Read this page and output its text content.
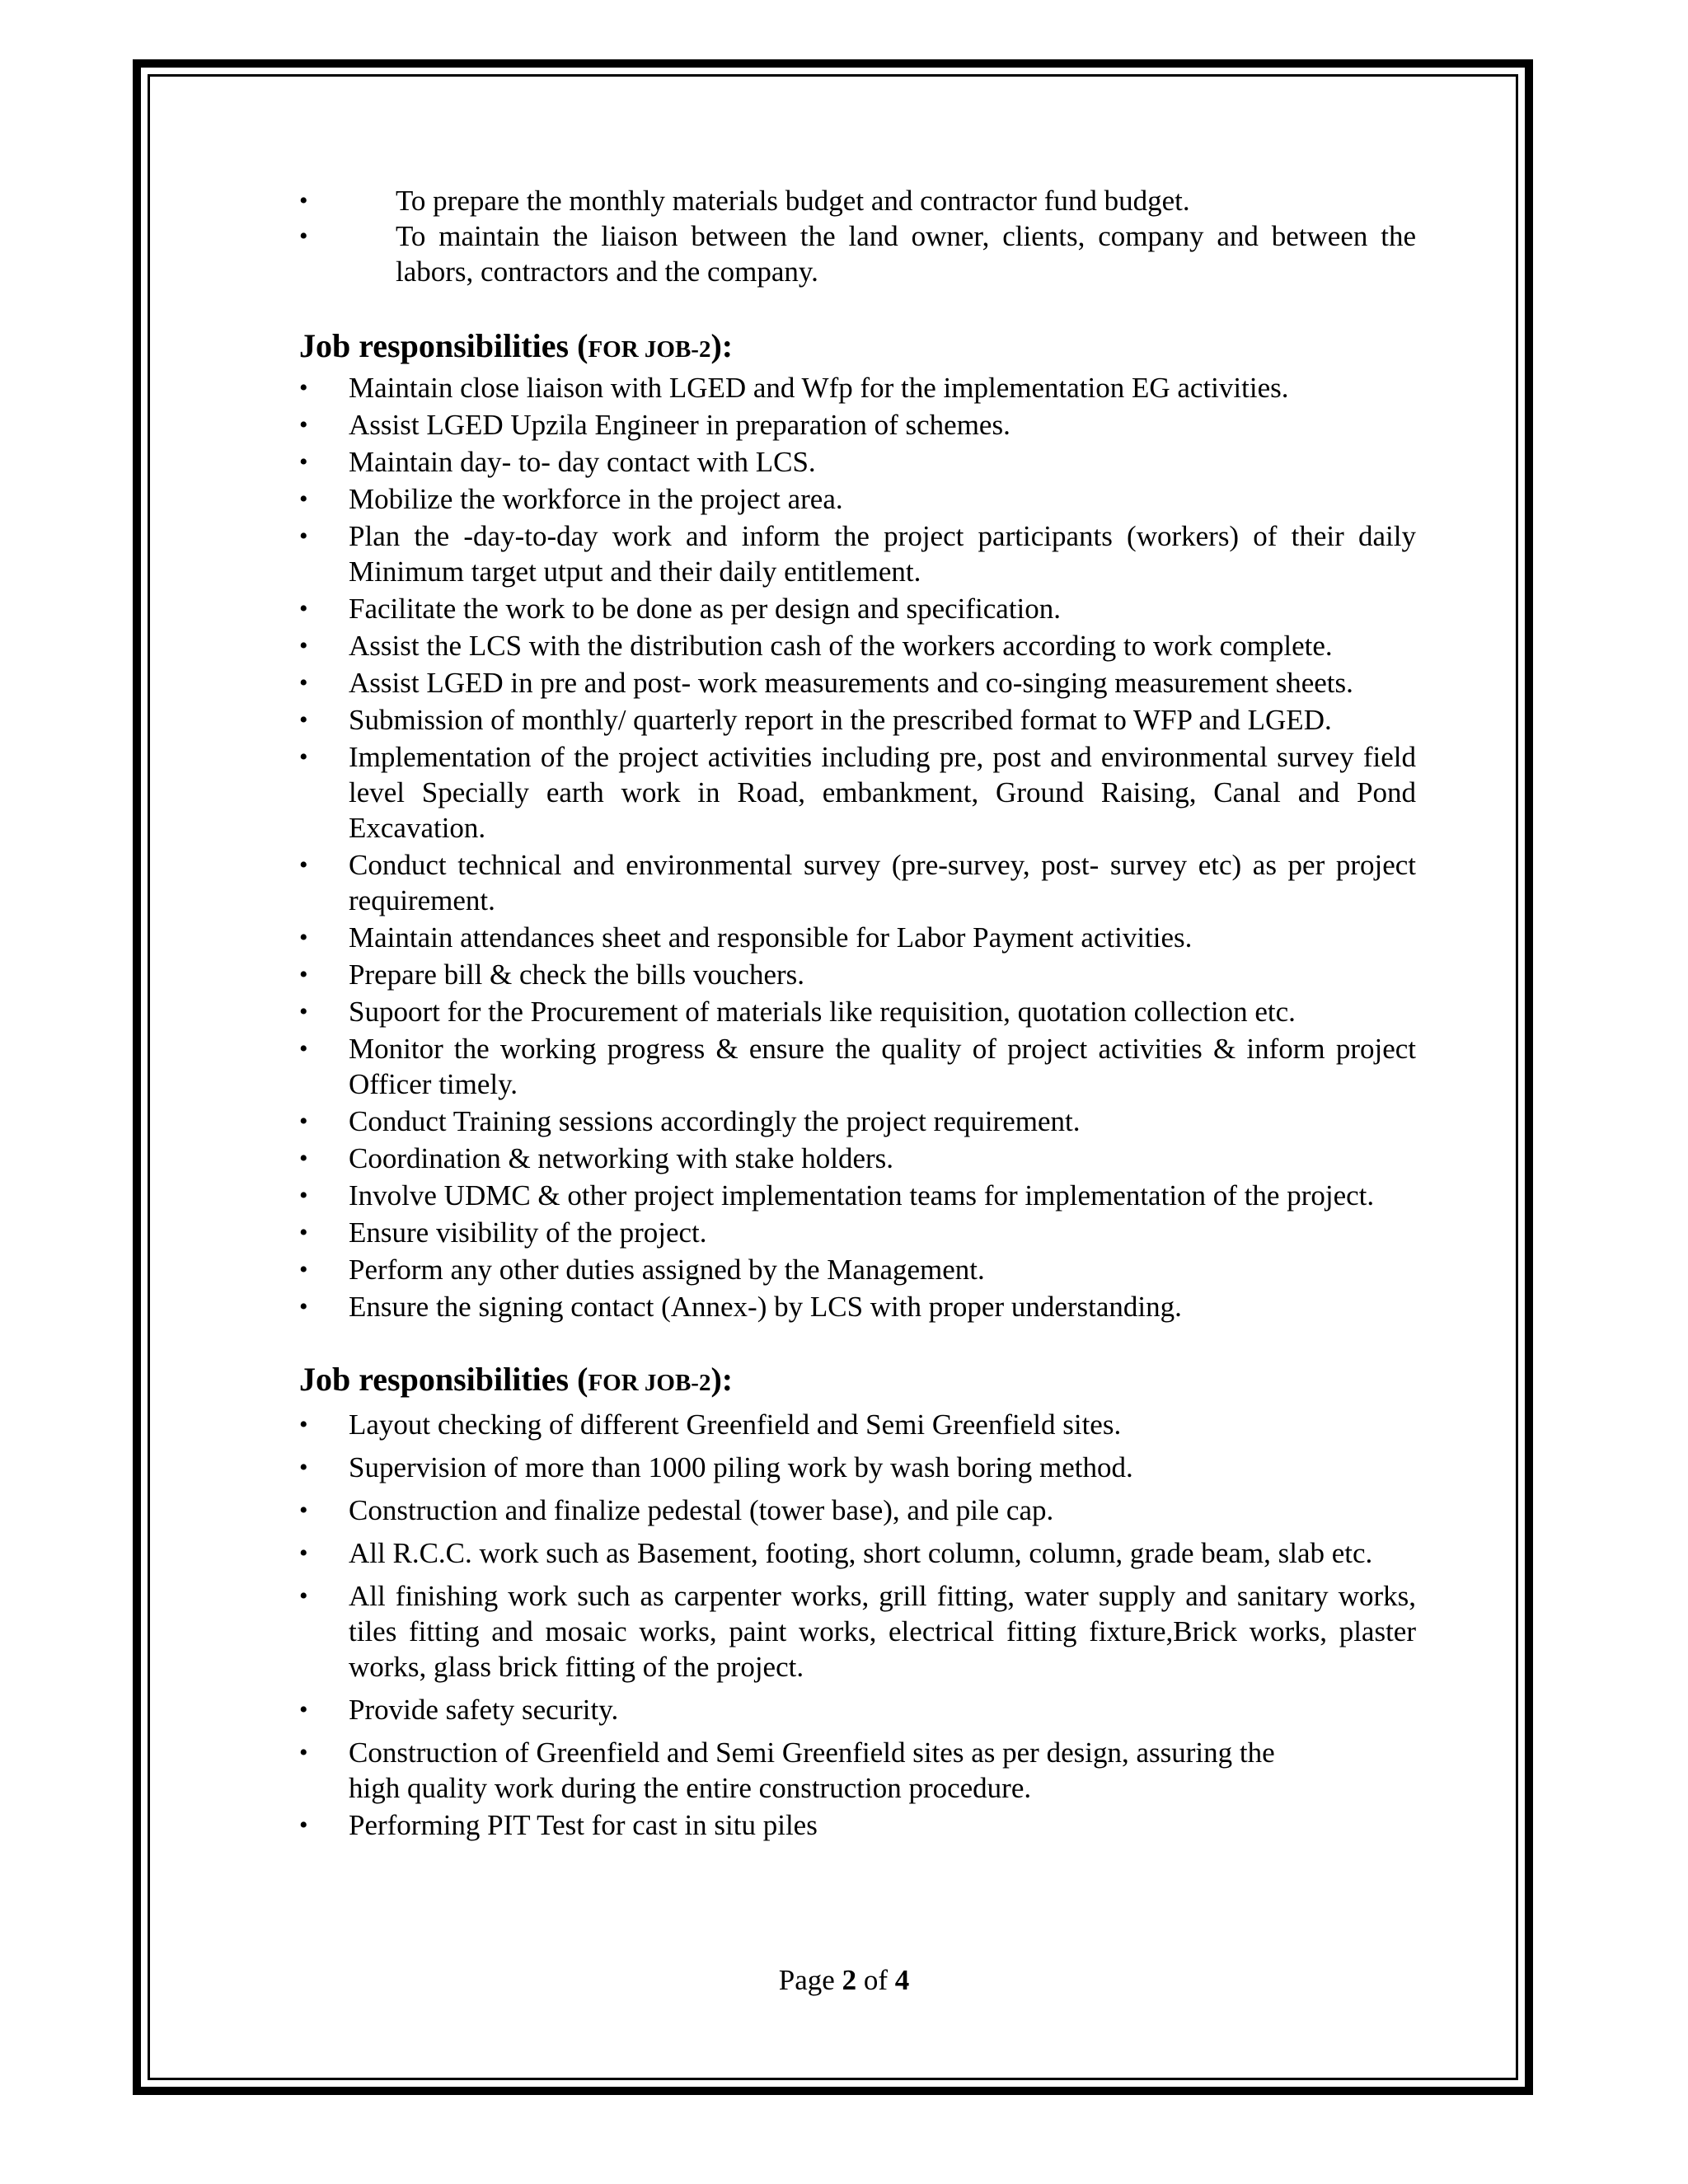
•	To prepare the monthly materials budget and contractor fund budget.
•	To maintain the liaison between the land owner, clients, company and between the labors, contractors and the company.
Job responsibilities (FOR JOB-2):
•	Maintain close liaison with LGED and Wfp for the implementation EG activities.
•	Assist LGED Upzila Engineer in preparation of schemes.
•	Maintain day- to- day contact with LCS.
•	Mobilize the workforce in the project area.
•	Plan the -day-to-day work and inform the project participants (workers) of their daily Minimum target utput and their daily entitlement.
•	Facilitate the work to be done as per design and specification.
•	Assist the LCS with the distribution cash of the workers according to work complete.
•	Assist LGED in pre and post- work measurements and co-singing measurement sheets.
•	Submission of monthly/ quarterly report in the prescribed format to WFP and LGED.
•	Implementation of the project activities including pre, post and environmental survey field level Specially earth work in Road, embankment, Ground Raising, Canal and Pond Excavation.
•	Conduct technical and environmental survey (pre-survey, post- survey etc) as per project requirement.
•	Maintain attendances sheet and responsible for Labor Payment activities.
•	Prepare bill & check the bills vouchers.
•	Supoort for the Procurement of materials like requisition, quotation collection etc.
•	Monitor the working progress & ensure the quality of project activities & inform project Officer timely.
•	Conduct Training sessions accordingly the project requirement.
•	Coordination & networking with stake holders.
•	Involve UDMC & other project implementation teams for implementation of the project.
•	Ensure visibility of the project.
•	Perform any other duties assigned by the Management.
•	Ensure the signing contact (Annex-) by LCS with proper understanding.
Job responsibilities (FOR JOB-2):
•	Layout checking of different Greenfield and Semi Greenfield sites.
•	Supervision of more than 1000 piling work by wash boring method.
•	Construction and finalize pedestal (tower base), and pile cap.
•	All R.C.C. work such as Basement, footing, short column, column, grade beam, slab etc.
•	All finishing work such as carpenter works, grill fitting, water supply and sanitary works, tiles fitting and mosaic works, paint works, electrical fitting fixture,Brick works, plaster works, glass brick fitting of the project.
•	Provide safety security.
•	Construction of Greenfield and Semi Greenfield sites as per design, assuring the high quality work during the entire construction procedure.
•	Performing PIT Test for cast in situ piles
Page 2 of 4
